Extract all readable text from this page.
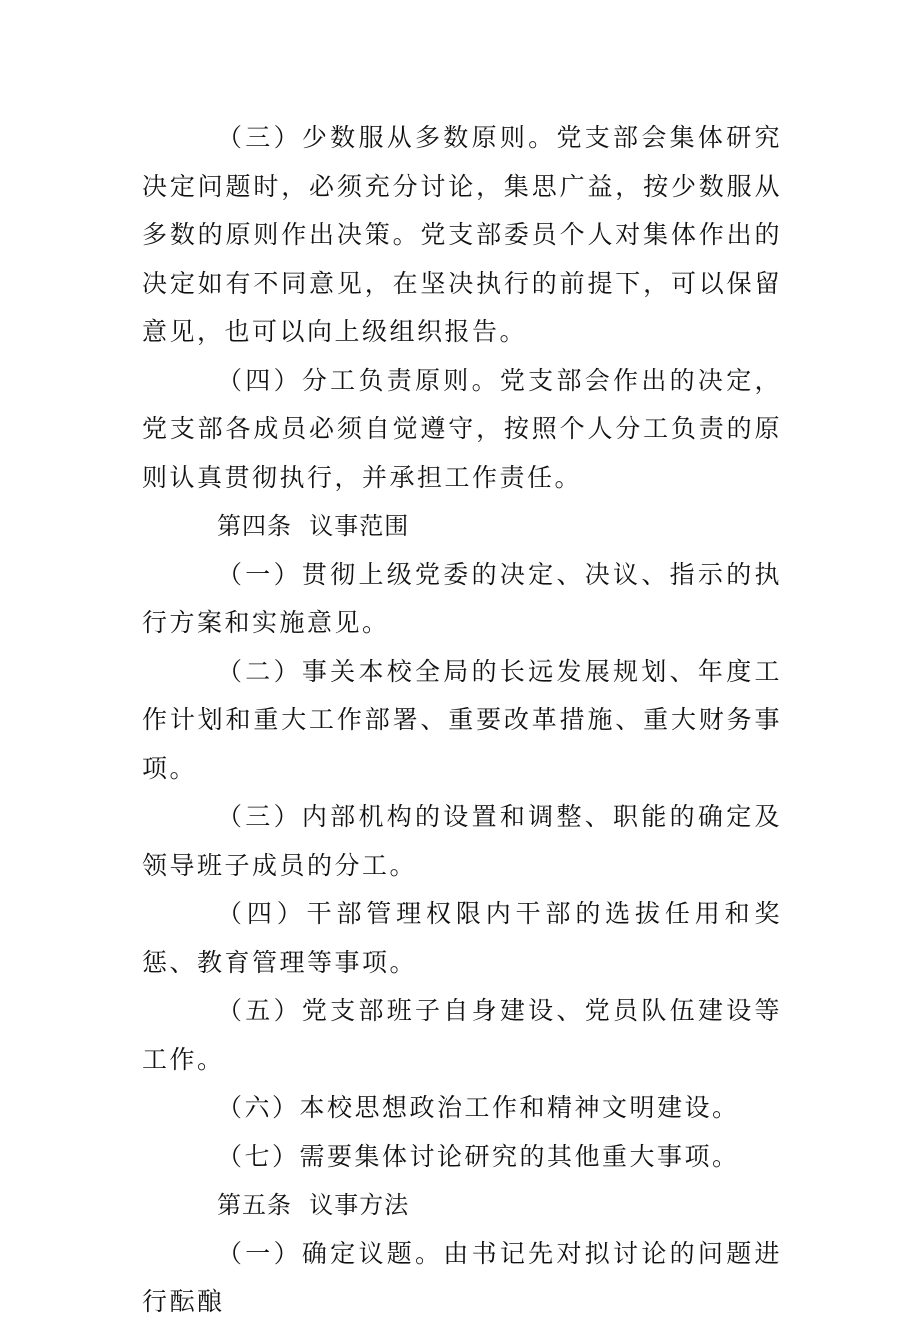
（三）少数服从多数原则。党支部会集体研究决定问题时，必须充分讨论，集思广益，按少数服从多数的原则作出决策。党支部委员个人对集体作出的决定如有不同意见，在坚决执行的前提下，可以保留意见，也可以向上级组织报告。

（四）分工负责原则。党支部会作出的决定，党支部各成员必须自觉遵守，按照个人分工负责的原则认真贯彻执行，并承担工作责任。

第四条  议事范围

（一）贯彻上级党委的决定、决议、指示的执行方案和实施意见。

（二）事关本校全局的长远发展规划、年度工作计划和重大工作部署、重要改革措施、重大财务事项。

（三）内部机构的设置和调整、职能的确定及领导班子成员的分工。

（四）干部管理权限内干部的选拔任用和奖惩、教育管理等事项。

（五）党支部班子自身建设、党员队伍建设等工作。

（六）本校思想政治工作和精神文明建设。

（七）需要集体讨论研究的其他重大事项。

第五条  议事方法

（一）确定议题。由书记先对拟讨论的问题进行酝酿
